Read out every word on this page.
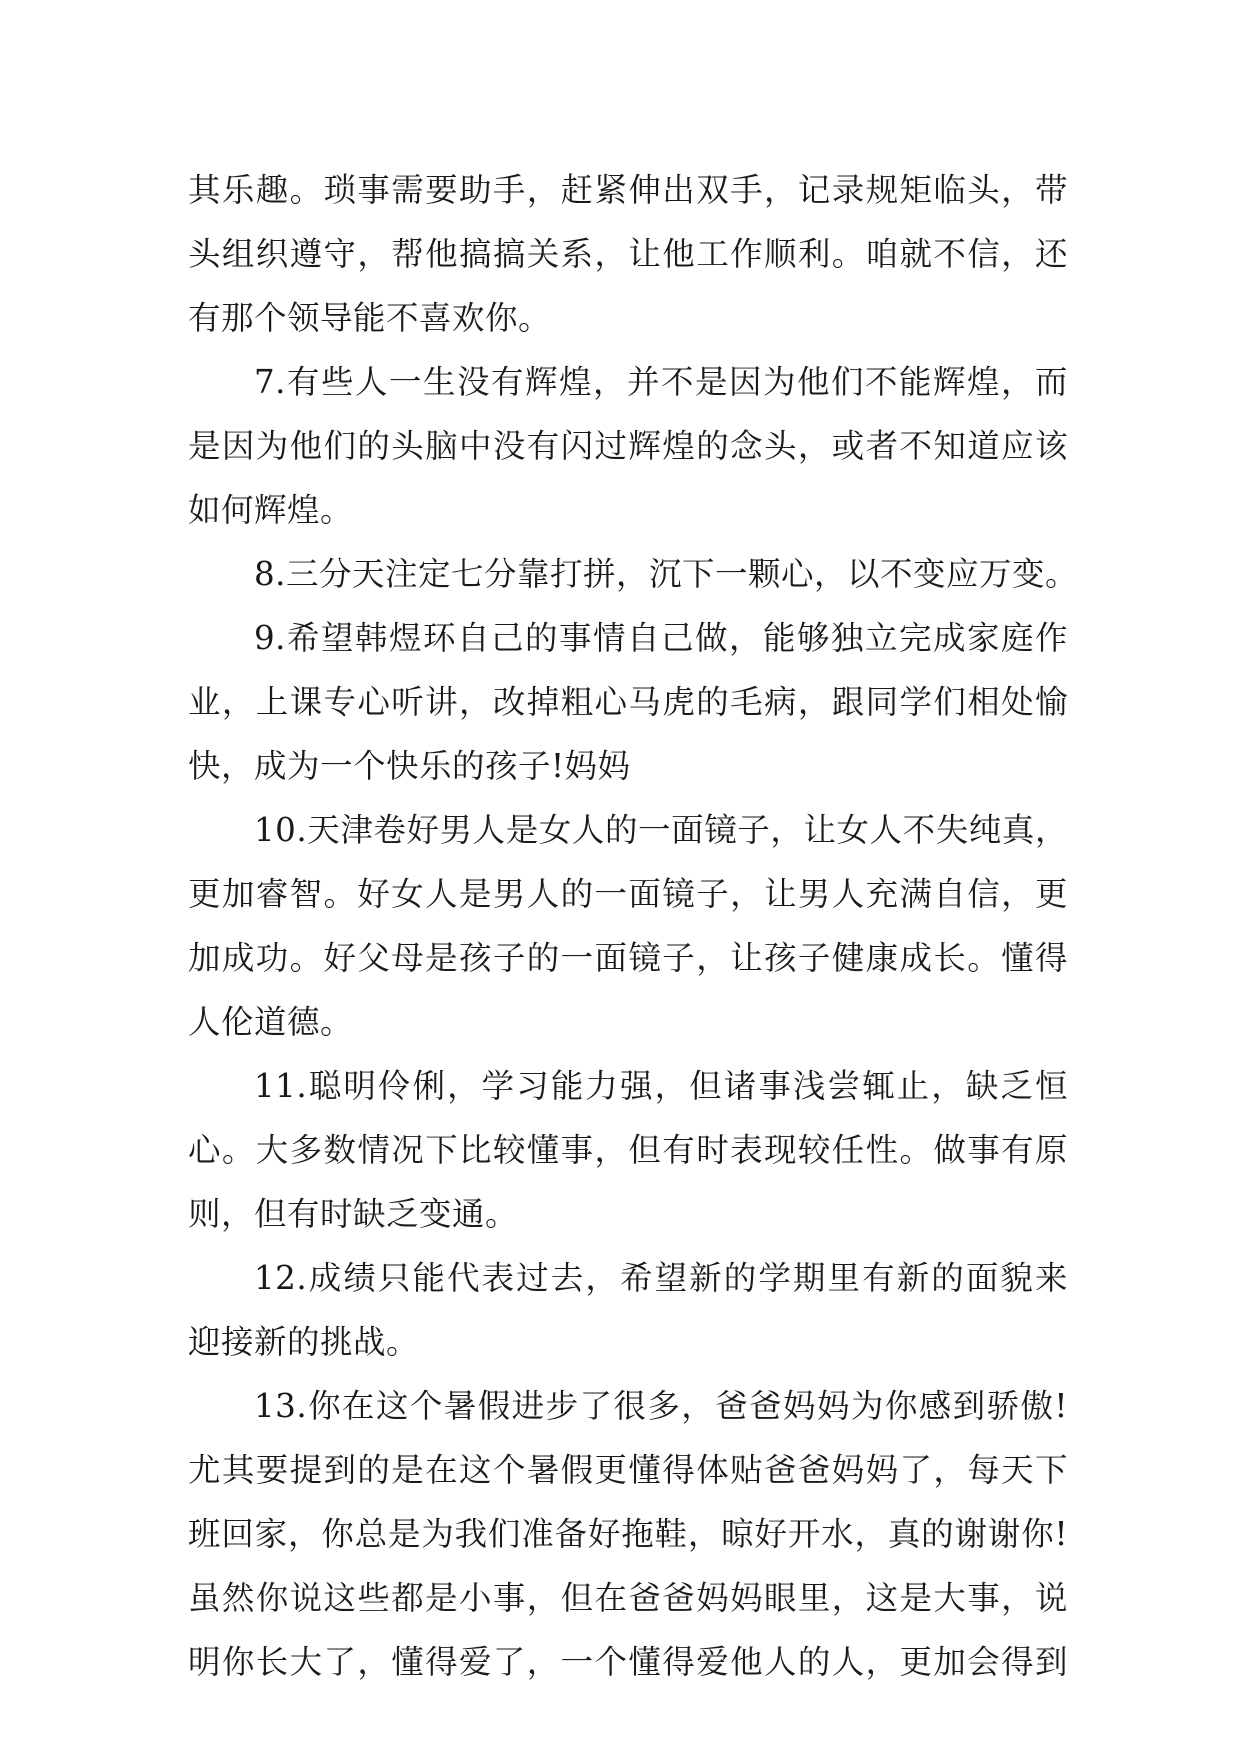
其乐趣。琐事需要助手，赶紧伸出双手，记录规矩临头，带
头组织遵守，帮他搞搞关系，让他工作顺利。咱就不信，还
有那个领导能不喜欢你。
7.有些人一生没有辉煌，并不是因为他们不能辉煌，而
是因为他们的头脑中没有闪过辉煌的念头，或者不知道应该
如何辉煌。
8.三分天注定七分靠打拼，沉下一颗心，以不变应万变。
9.希望韩煜环自己的事情自己做，能够独立完成家庭作
业，上课专心听讲，改掉粗心马虎的毛病，跟同学们相处愉
快，成为一个快乐的孩子!妈妈
10.天津卷好男人是女人的一面镜子，让女人不失纯真，
更加睿智。好女人是男人的一面镜子，让男人充满自信，更
加成功。好父母是孩子的一面镜子，让孩子健康成长。懂得
人伦道德。
11.聪明伶俐，学习能力强，但诸事浅尝辄止，缺乏恒
心。大多数情况下比较懂事，但有时表现较任性。做事有原
则，但有时缺乏变通。
12.成绩只能代表过去，希望新的学期里有新的面貌来
迎接新的挑战。
13.你在这个暑假进步了很多，爸爸妈妈为你感到骄傲!
尤其要提到的是在这个暑假更懂得体贴爸爸妈妈了，每天下
班回家，你总是为我们准备好拖鞋，晾好开水，真的谢谢你!
虽然你说这些都是小事，但在爸爸妈妈眼里，这是大事，说
明你长大了，懂得爱了，一个懂得爱他人的人，更加会得到
